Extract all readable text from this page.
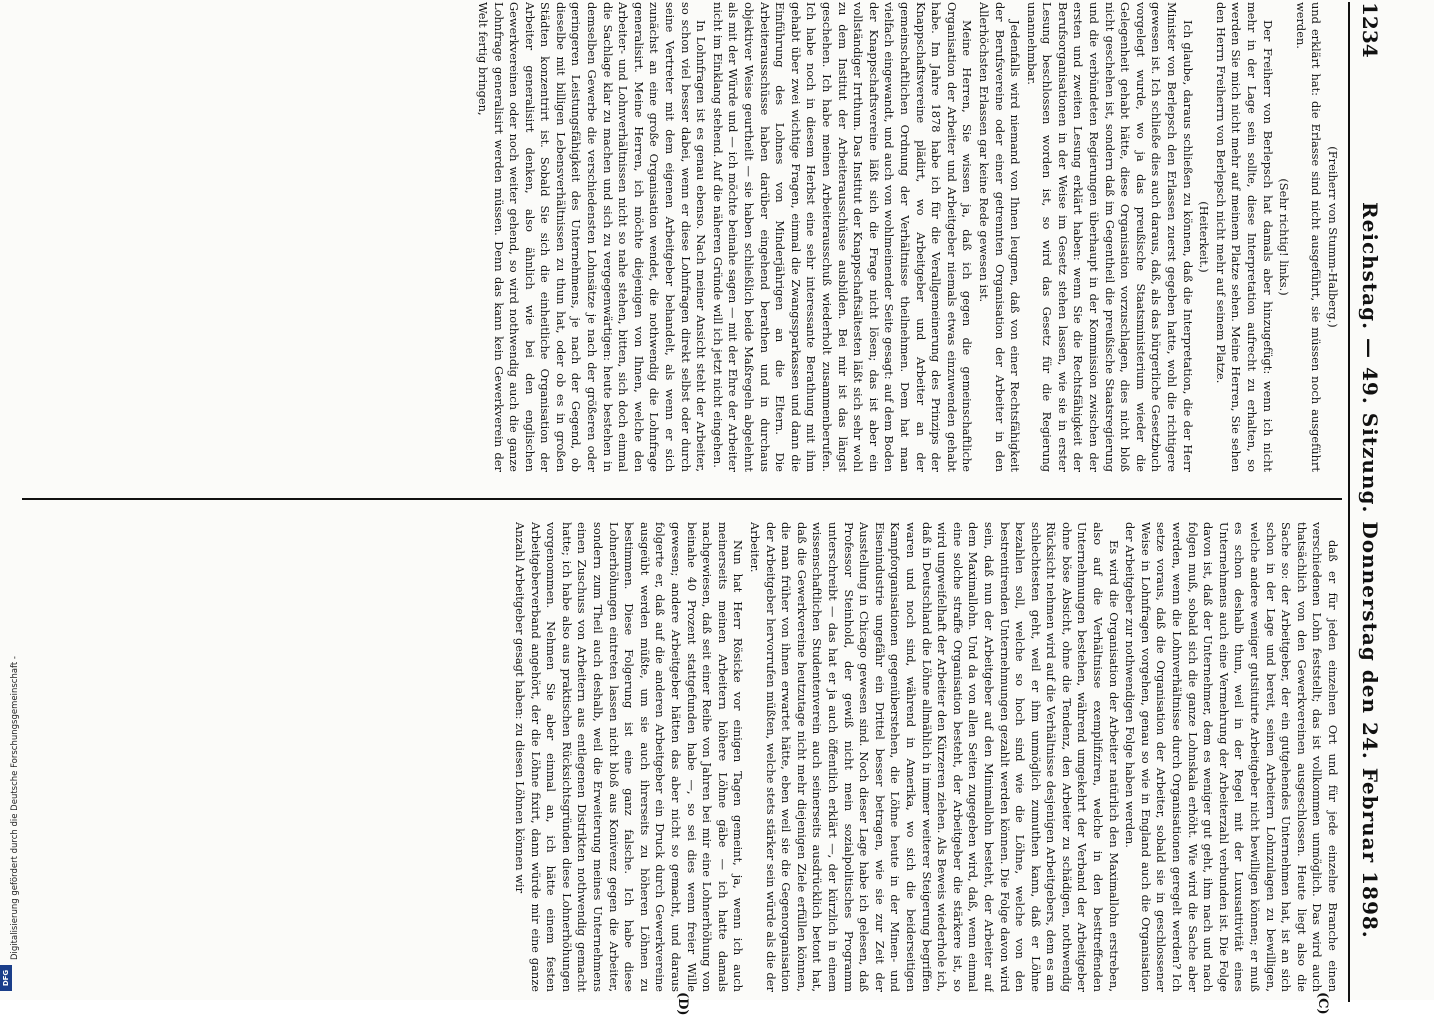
1234
Reichstag. — 49. Sitzung. Donnerstag den 24. Februar 1898.
(C)
(D)

(Freiherr von Stumm-Halberg.)

und erklärt hat: die Erlasse sind nicht ausgeführt, sie müssen noch ausgeführt werden.

(Sehr richtig! links.)

Der Freiherr von Berlepsch hat damals aber hinzugefügt: wenn ich nicht mehr in der Lage sein sollte, diese Interpretation aufrecht zu erhalten, so werden Sie mich nicht mehr auf meinem Platze sehen. Meine Herren, Sie sehen den Herrn Freiherrn von Berlepsch nicht mehr auf seinem Platze.

(Heiterkeit.)

Ich glaube, daraus schließen zu können, daß die Interpretation, die der Herr Minister von Berlepsch den Erlassen zuerst gegeben hatte, wohl die richtigere gewesen ist. Ich schließe dies auch daraus, daß, als das bürgerliche Gesetzbuch vorgelegt wurde, wo ja das preußische Staatsministerium wieder die Gelegenheit gehabt hätte, diese Organisation vorzuschlagen, dies nicht bloß nicht geschehen ist, sondern daß im Gegentheil die preußische Staatsregierung und die verbündeten Regierungen überhaupt in der Kommission zwischen der ersten und zweiten Lesung erklärt haben: wenn Sie die Rechtsfähigkeit der Berufsorganisationen in der Weise im Gesetz stehen lassen, wie sie in erster Lesung beschlossen worden ist, so wird das Gesetz für die Regierung unannehmbar.

Jedenfalls wird niemand von Ihnen leugnen, daß von einer Rechtsfähigkeit der Berufsvereine oder einer getrennten Organisation der Arbeiter in den Allerhöchsten Erlassen gar keine Rede gewesen ist.

Meine Herren, Sie wissen ja, daß ich gegen die gemeinschaftliche Organisation der Arbeiter und Arbeitgeber niemals etwas einzuwenden gehabt habe. Im Jahre 1878 habe ich für die Verallgemeinerung des Prinzips der Knappschaftsvereine plädirt, wo Arbeitgeber und Arbeiter an der gemeinschaftlichen Ordnung der Verhältnisse theilnehmen. Dem hat man vielfach eingewandt, und auch von wohlmeinender Seite gesagt: auf dem Boden der Knappschaftsvereine läßt sich die Frage nicht lösen; das ist aber ein vollständiger Irrthum. Das Institut der Knappschaftsältesten läßt sich sehr wohl zu dem Institut der Arbeiterausschüsse ausbilden. Bei mir ist das längst geschehen. Ich habe meinen Arbeiterausschuß wiederholt zusammenberufen. Ich habe noch in diesem Herbst eine sehr interessante Berathung mit ihm gehabt über zwei wichtige Fragen, einmal die Zwangssparkassen und dann die Einführung des Lohnes von Minderjährigen an die Eltern. Die Arbeiterausschüsse haben darüber eingehend berathen und in durchaus objektiver Weise geurtheilt — sie haben schließlich beide Maßregeln abgelehnt als mit der Würde und — ich möchte beinahe sagen — mit der Ehre der Arbeiter nicht im Einklang stehend. Auf die näheren Gründe will ich jetzt nicht eingehen.

In Lohnfragen ist es genau ebenso. Nach meiner Ansicht steht der Arbeiter, so schon viel besser dabei, wenn er diese Lohnfragen direkt selbst oder durch seine Vertreter mit dem eigenen Arbeitgeber behandelt, als wenn er sich zunächst an eine große Organisation wendet, die nothwendig die Lohnfrage generalisirt. Meine Herren, ich möchte diejenigen von Ihnen, welche den Arbeiter- und Lohnverhältnissen nicht so nahe stehen, bitten, sich doch einmal die Sachlage klar zu machen und sich zu vergegenwärtigen: heute bestehen in demselben Gewerbe die verschiedensten Lohnsätze je nach der größeren oder geringeren Leistungsfähigkeit des Unternehmens, je nach der Gegend, ob dieselbe mit billigen Lebensverhältnissen zu thun hat, oder ob es in großen Städten konzentrirt ist. Sobald Sie sich die einheitliche Organisation der Arbeiter generalisirt denken, also ähnlich wie bei den englischen Gewerkvereinen oder noch weiter gehend, so wird nothwendig auch die ganze Lohnfrage generalisirt werden müssen. Denn das kann kein Gewerkverein der Welt fertig bringen,

daß er für jeden einzelnen Ort und für jede einzelne Branche einen verschiedenen Lohn feststellt; das ist vollkommen unmöglich. Das wird auch thatsächlich von den Gewerkvereinen ausgeschlossen. Heute liegt also die Sache so: der Arbeitgeber, der ein gutgehendes Unternehmen hat, ist an sich schon in der Lage und bereit, seinen Arbeitern Lohnzulagen zu bewilligen, welche andere weniger gutsituirte Arbeitgeber nicht bewilligen können; er muß es schon deshalb thun, weil in der Regel mit der Luxusattivität eines Unternehmens auch eine Vermehrung der Arbeiterzahl verbunden ist. Die Folge davon ist, daß der Unternehmer, dem es weniger gut geht, ihm nach und nach folgen muß, sobald sich die ganze Lohnskala erhöht. Wie wird die Sache aber werden, wenn die Lohnverhältnisse durch Organisationen geregelt werden? Ich setze voraus, daß die Organisation der Arbeiter, sobald sie in geschlossener Weise in Lohnfragen vorgehen, genau so wie in England auch die Organisation der Arbeitgeber zur nothwendigen Folge haben werden.

Es wird die Organisation der Arbeiter natürlich den Maximallohn erstreben, also auf die Verhältnisse exemplifiziren, welche in den besttreffenden Unternehmungen bestehen, während umgekehrt der Verband der Arbeitgeber ohne böse Absicht, ohne die Tendenz, den Arbeiter zu schädigen, nothwendig Rücksicht nehmen wird auf die Verhältnisse desjenigen Arbeitgebers, dem es am schlechtesten geht, weil er ihm unmöglich zumuthen kann, daß er Löhne bezahlen soll, welche so hoch sind wie die Löhne, welche von den bestrentirenden Unternehmungen gezahlt werden können. Die Folge davon wird sein, daß nun der Arbeitgeber auf den Minimallohn besteht, der Arbeiter auf dem Maximallohn. Und da von allen Seiten zugegeben wird, daß, wenn einmal eine solche straffe Organisation besteht, der Arbeitgeber die stärkere ist, so wird ungweifelhaft der Arbeiter den Kürzeren ziehen. Als Beweis wiederhole ich, daß in Deutschland die Löhne allmählich in immer weiterer Steigerung begriffen waren und noch sind, während in Amerika, wo sich die beiderseitigen Kampforganisationen gegenüberstehen, die Löhne heute in der Minen- und Eisenindustrie ungefähr ein Drittel besser betragen, wie sie zur Zeit der Ausstellung in Chicago gewesen sind. Noch dieser Lage habe ich gelesen, daß Professor Steinhold, der gewiß nicht mein sozialpolitisches Programm unterschreibt — das hat er ja auch öffentlich erklärt —, der kürzlich in einem wissenschaftlichen Studentenverein auch seinerseits ausdrücklich betont hat, daß die Gewerkvereine heutzutage nicht mehr diejenigen Ziele erfüllen können, die man früher von ihnen erwartet hätte, eben weil sie die Gegenorganisation der Arbeitgeber hervorrufen müßten, welche stets stärker sein würde als die der Arbeiter.

Nun hat Herr Rösicke vor einigen Tagen gemeint, ja, wenn ich auch meinerseits meinen Arbeitern höhere Löhne gäbe — ich hatte damals nachgewiesen, daß seit einer Reihe von Jahren bei mir eine Lohnerhöhung von beinahe 40 Prozent stattgefunden habe —, so sei dies wenn freier Wille gewesen; andere Arbeitgeber hätten das aber nicht so gemacht, und daraus folgerte er, daß auf die anderen Arbeitgeber ein Druck durch Gewerkvereine ausgeübt werden müßte, um sie auch ihrerseits zu höheren Löhnen zu bestimmen. Diese Folgerung ist eine ganz falsche. Ich habe diese Lohnerhöhungen eintreten lassen nicht bloß aus Konivenz gegen die Arbeiter, sondern zum Theil auch deshalb, weil die Erweiterung meines Unternehmens einen Zuschuss von Arbeitern aus entlegenen Distrikten nothwendig gemacht hatte; ich habe also aus praktischen Rücksichtsgründen diese Lohnerhöhungen vorgenommen. Nehmen Sie aber einmal an, ich hätte einem festen Arbeitgeberverband angehört, der die Löhne fixirt, dann würde mir eine ganze Anzahl Arbeitgeber gesagt haben: zu diesen Löhnen können wir

DFG
Digitalisierung gefördert durch die Deutsche Forschungsgemeinschaft -
